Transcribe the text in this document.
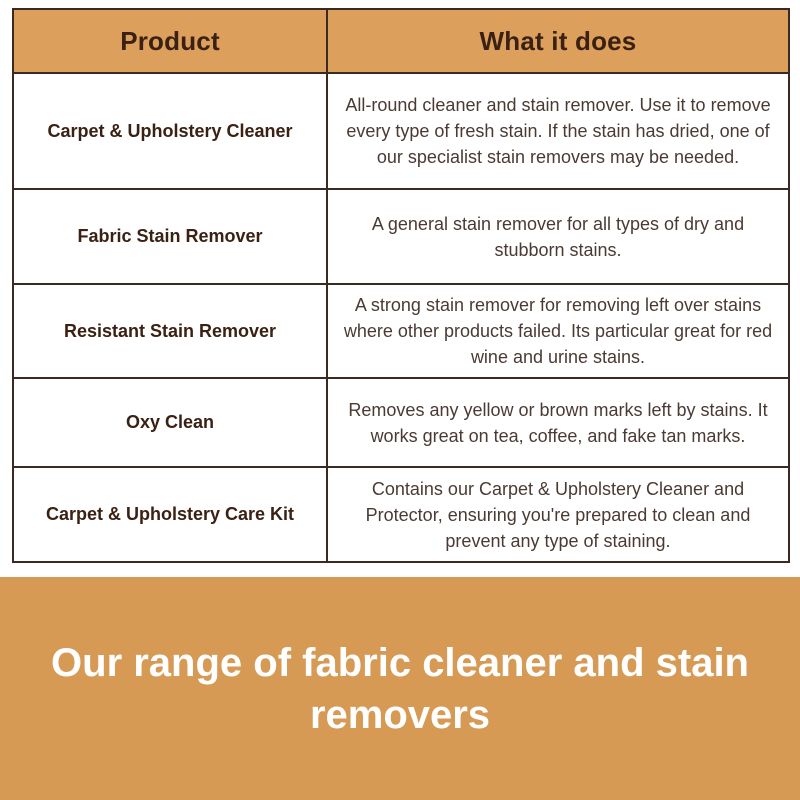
Product	What it does
Carpet & Upholstery Cleaner	All-round cleaner and stain remover. Use it to remove every type of fresh stain. If the stain has dried, one of our specialist stain removers may be needed.
Fabric Stain Remover	A general stain remover for all types of dry and stubborn stains.
Resistant Stain Remover	A strong stain remover for removing left over stains where other products failed. Its particular great for red wine and urine stains.
Oxy Clean	Removes any yellow or brown marks left by stains. It works great on tea, coffee, and fake tan marks.
Carpet & Upholstery Care Kit	Contains our Carpet & Upholstery Cleaner and Protector, ensuring you're prepared to clean and prevent any type of staining.
Our range of fabric cleaner and stain removers
